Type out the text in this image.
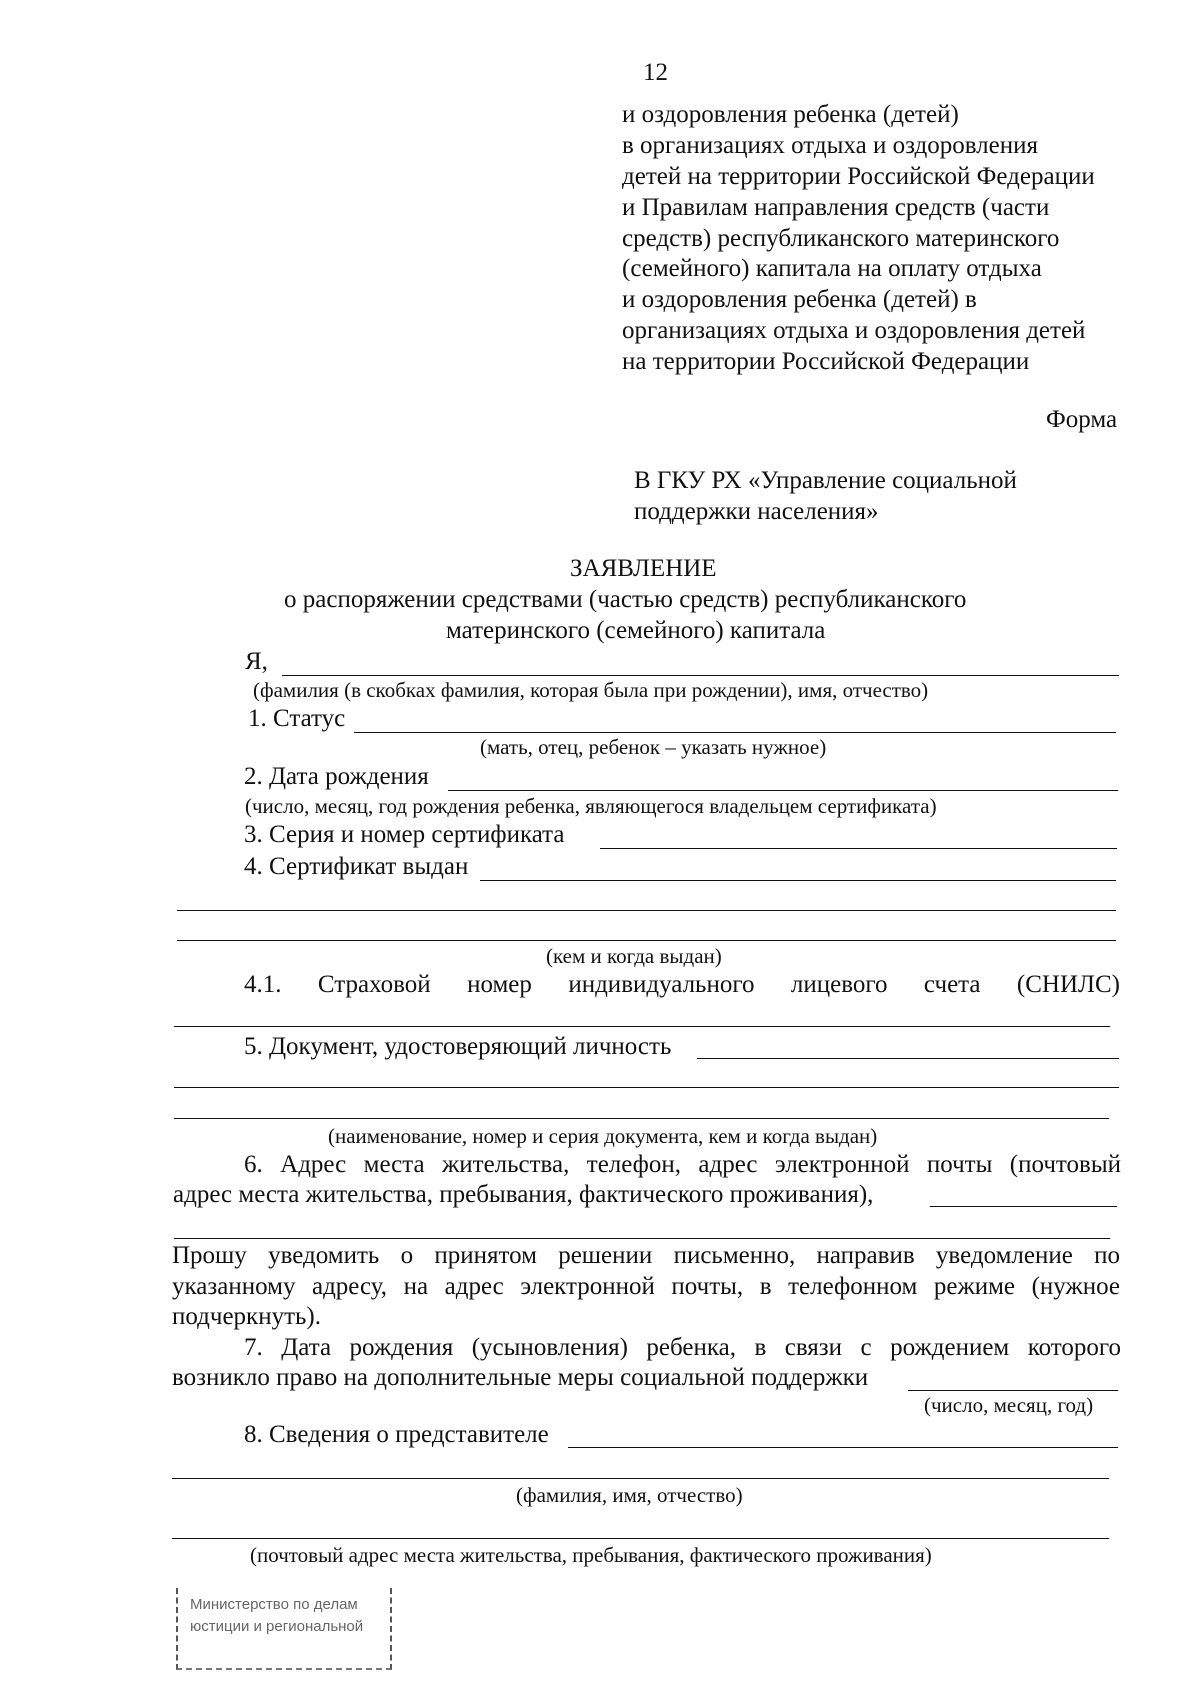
12
и оздоровления ребенка (детей)
в организациях отдыха и оздоровления
детей на территории Российской Федерации
и Правилам направления средств (части
средств) республиканского материнского
(семейного) капитала на оплату отдыха
и оздоровления ребенка (детей) в
организациях отдыха и оздоровления детей
на территории Российской Федерации
Форма
В ГКУ РХ «Управление социальной
поддержки населения»
ЗАЯВЛЕНИЕ
о распоряжении средствами (частью средств) республиканского
материнского (семейного) капитала
Я,
(фамилия (в скобках фамилия, которая была при рождении), имя, отчество)
1. Статус
(мать, отец, ребенок – указать нужное)
2. Дата рождения
(число, месяц, год рождения ребенка, являющегося владельцем сертификата)
3. Серия и номер сертификата
4. Сертификат выдан
(кем и когда выдан)
4.1. Страховой номер индивидуального лицевого счета (СНИЛС)
5. Документ, удостоверяющий личность
(наименование, номер и серия документа, кем и когда выдан)
6. Адрес места жительства, телефон, адрес электронной почты (почтовый
адрес места жительства, пребывания, фактического проживания),
Прошу уведомить о принятом решении письменно, направив уведомление по
указанному адресу, на адрес электронной почты, в телефонном режиме (нужное
подчеркнуть).
7. Дата рождения (усыновления) ребенка, в связи с рождением которого
возникло право на дополнительные меры социальной поддержки
(число, месяц, год)
8. Сведения о представителе
(фамилия, имя, отчество)
(почтовый адрес места жительства, пребывания, фактического проживания)
Министерство по делам
юстиции и региональной
